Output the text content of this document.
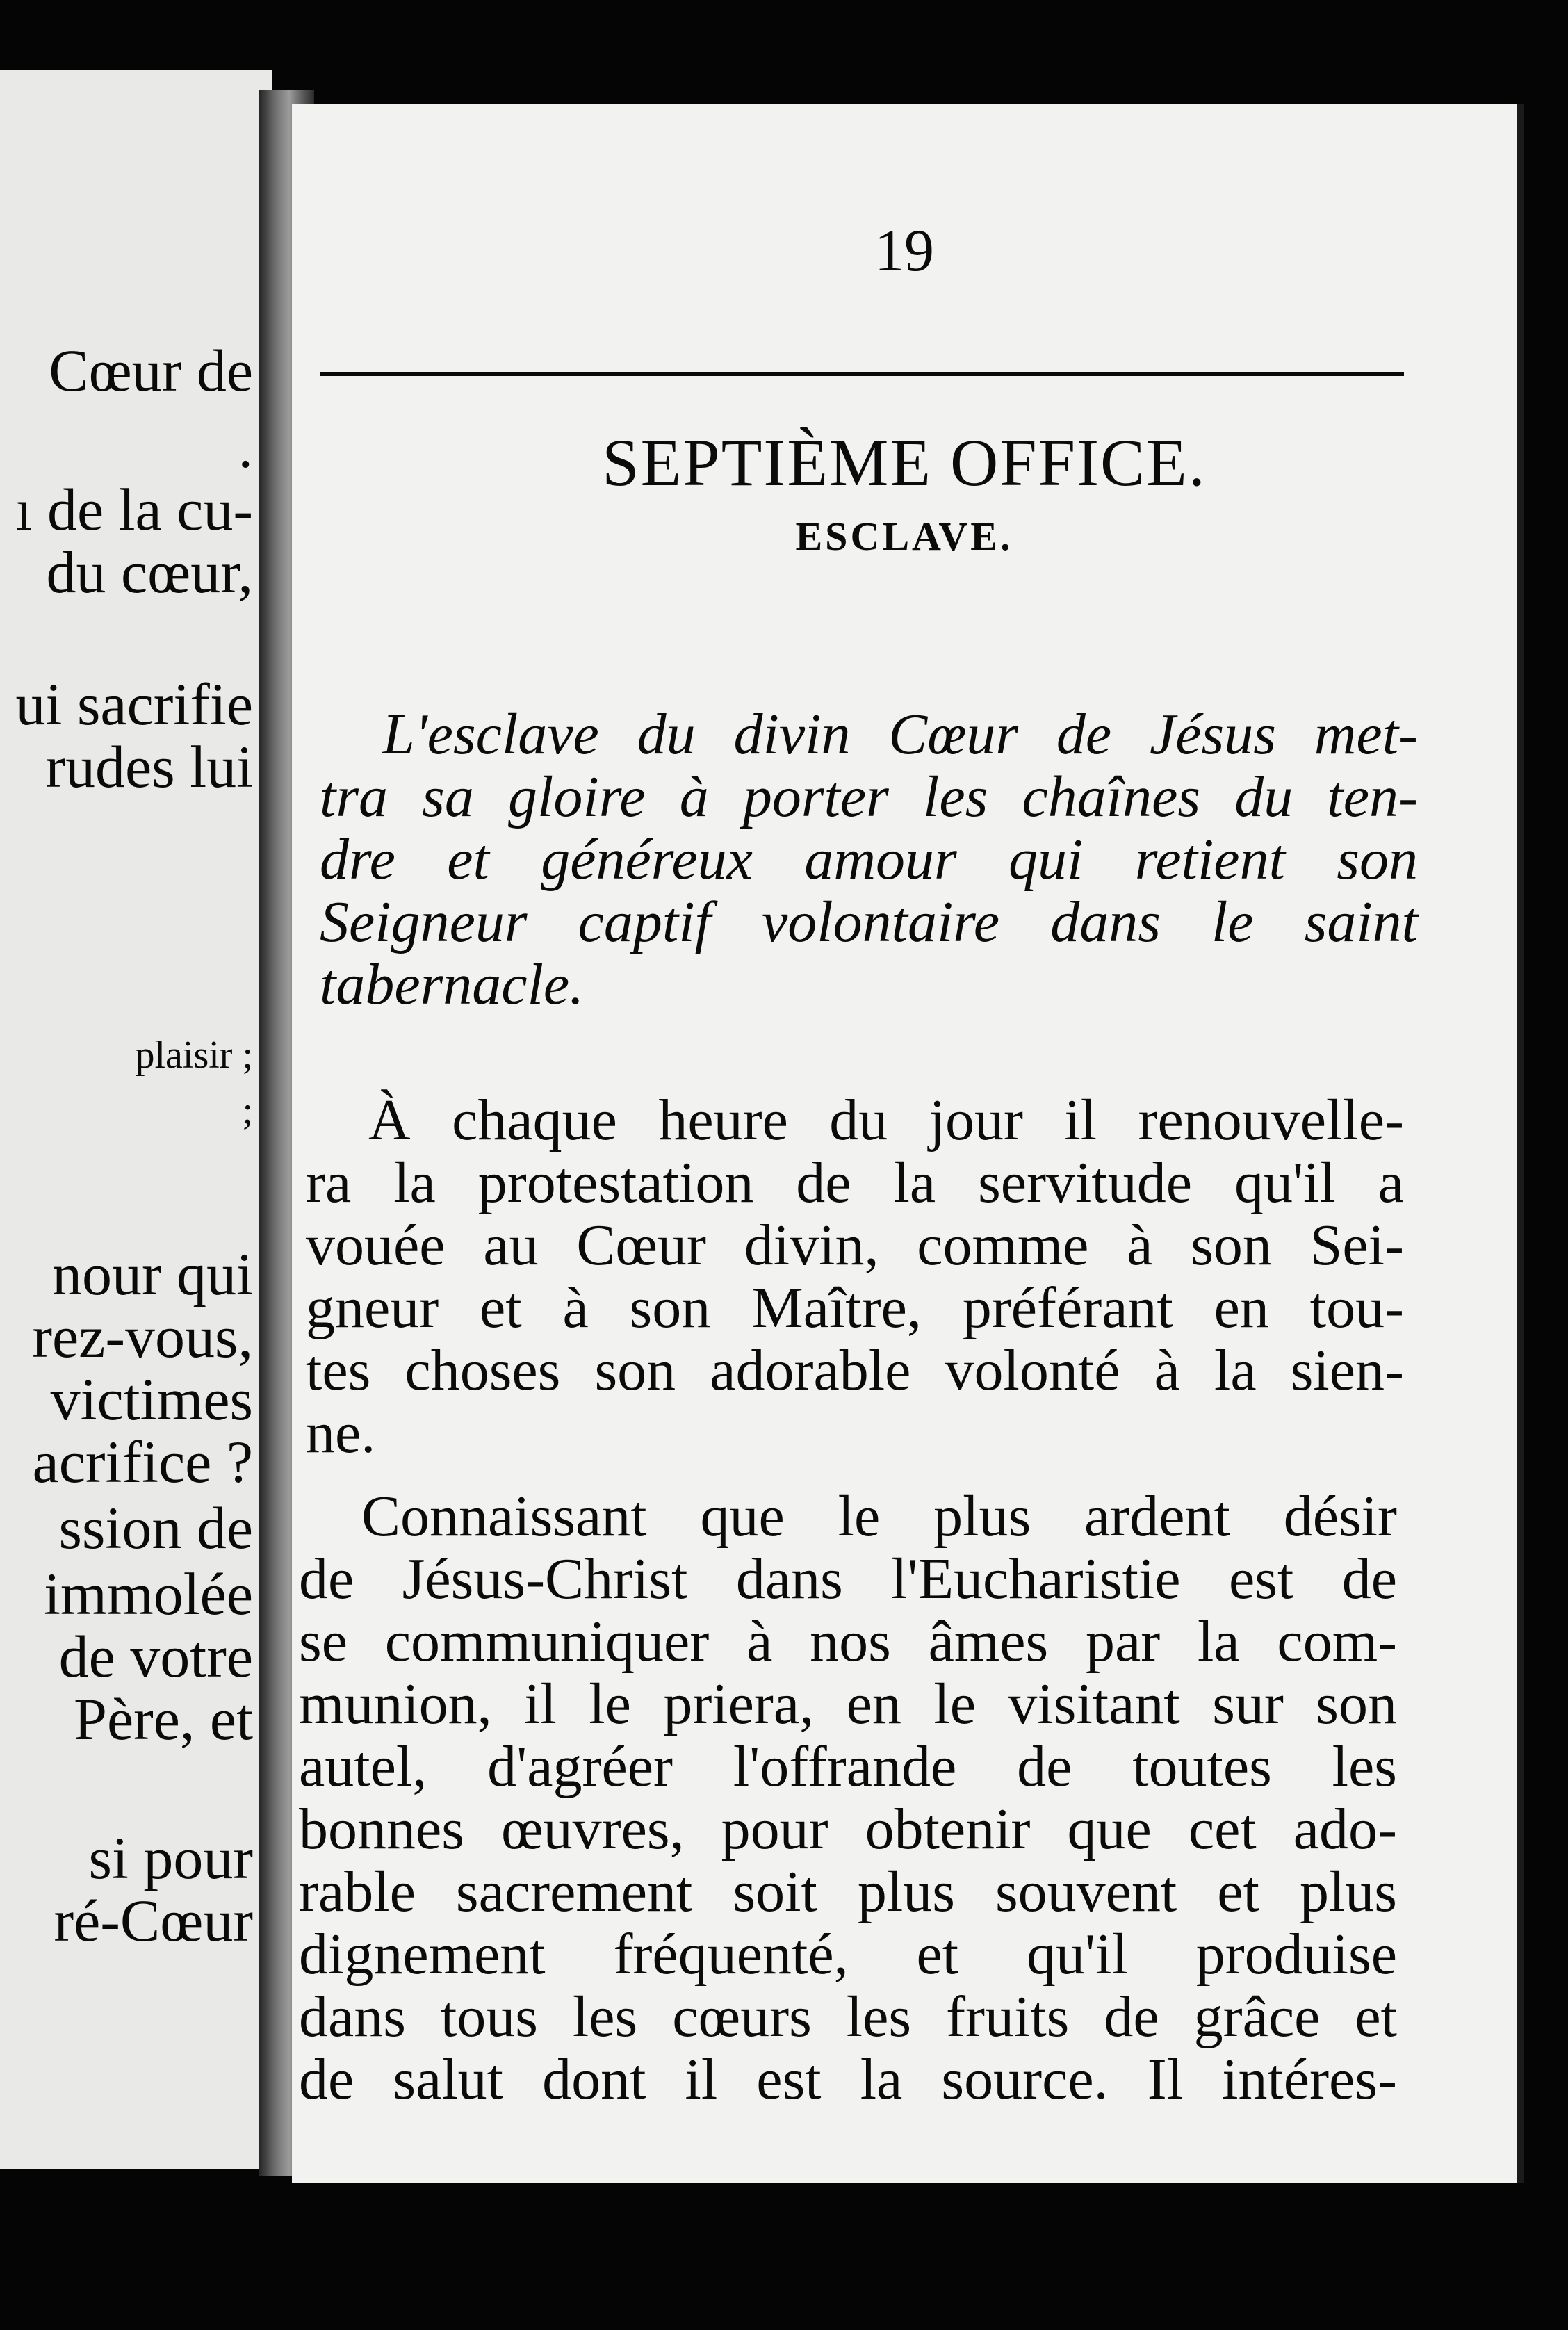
Cœur de
.
ı de la cu-
du cœur,
ui sacrifie
rudes lui
plaisir ;
;
nour qui
rez-vous,
victimes
acrifice ?
ssion de
immolée
de votre
Père, et
si pour
ré-Cœur
19
SEPTIÈME OFFICE.
ESCLAVE.
L'esclave du divin Cœur de Jésus met-
tra sa gloire à porter les chaînes du ten-
dre et généreux amour qui retient son
Seigneur captif volontaire dans le saint
tabernacle.
À chaque heure du jour il renouvelle-
ra la protestation de la servitude qu'il a
vouée au Cœur divin, comme à son Sei-
gneur et à son Maître, préférant en tou-
tes choses son adorable volonté à la sien-
ne.
Connaissant que le plus ardent désir
de Jésus-Christ dans l'Eucharistie est de
se communiquer à nos âmes par la com-
munion, il le priera, en le visitant sur son
autel, d'agréer l'offrande de toutes les
bonnes œuvres, pour obtenir que cet ado-
rable sacrement soit plus souvent et plus
dignement fréquenté, et qu'il produise
dans tous les cœurs les fruits de grâce et
de salut dont il est la source. Il intéres-
